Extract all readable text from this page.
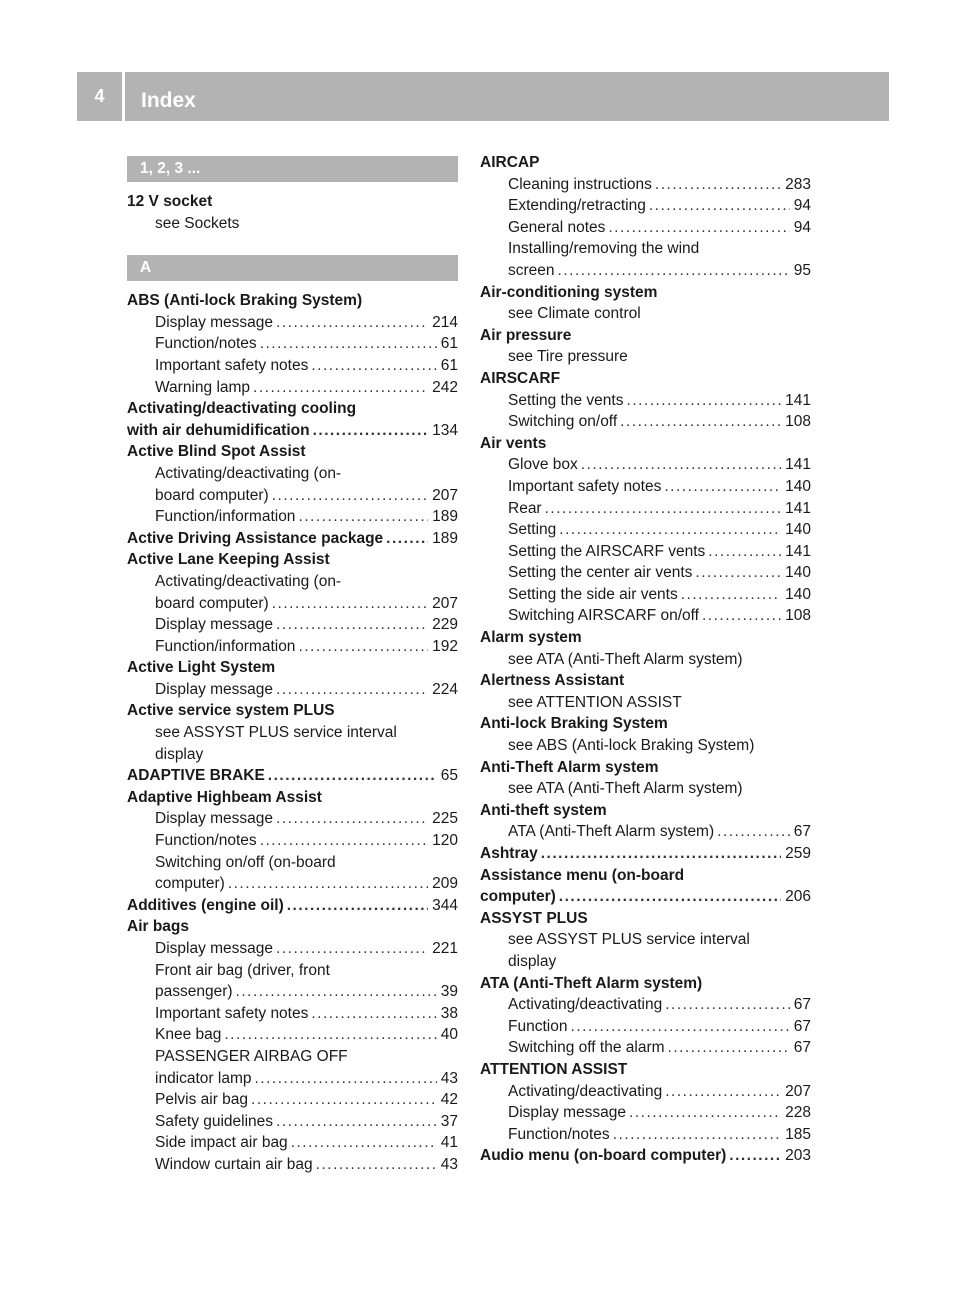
4	Index
1, 2, 3 ...
12 V socket
see Sockets
A
ABS (Anti-lock Braking System)
Display message .....	214
Function/notes .....	61
Important safety notes .....	61
Warning lamp .....	242
Activating/deactivating cooling
with air dehumidification .....	134
Active Blind Spot Assist
Activating/deactivating (on-
board computer) .....	207
Function/information .....	189
Active Driving Assistance package .....	189
Active Lane Keeping Assist
Activating/deactivating (on-
board computer) .....	207
Display message .....	229
Function/information .....	192
Active Light System
Display message .....	224
Active service system PLUS
see ASSYST PLUS service interval
display
ADAPTIVE BRAKE .....	65
Adaptive Highbeam Assist
Display message .....	225
Function/notes .....	120
Switching on/off (on-board
computer) .....	209
Additives (engine oil) .....	344
Air bags
Display message .....	221
Front air bag (driver, front
passenger) .....	39
Important safety notes .....	38
Knee bag .....	40
PASSENGER AIRBAG OFF
indicator lamp .....	43
Pelvis air bag .....	42
Safety guidelines .....	37
Side impact air bag .....	41
Window curtain air bag .....	43
AIRCAP
Cleaning instructions .....	283
Extending/retracting .....	94
General notes .....	94
Installing/removing the wind
screen .....	95
Air-conditioning system
see Climate control
Air pressure
see Tire pressure
AIRSCARF
Setting the vents .....	141
Switching on/off .....	108
Air vents
Glove box .....	141
Important safety notes .....	140
Rear .....	141
Setting .....	140
Setting the AIRSCARF vents .....	141
Setting the center air vents .....	140
Setting the side air vents .....	140
Switching AIRSCARF on/off .....	108
Alarm system
see ATA (Anti-Theft Alarm system)
Alertness Assistant
see ATTENTION ASSIST
Anti-lock Braking System
see ABS (Anti-lock Braking System)
Anti-Theft Alarm system
see ATA (Anti-Theft Alarm system)
Anti-theft system
ATA (Anti-Theft Alarm system) .....	67
Ashtray .....	259
Assistance menu (on-board
computer) .....	206
ASSYST PLUS
see ASSYST PLUS service interval
display
ATA (Anti-Theft Alarm system)
Activating/deactivating .....	67
Function .....	67
Switching off the alarm .....	67
ATTENTION ASSIST
Activating/deactivating .....	207
Display message .....	228
Function/notes .....	185
Audio menu (on-board computer) .....	203
